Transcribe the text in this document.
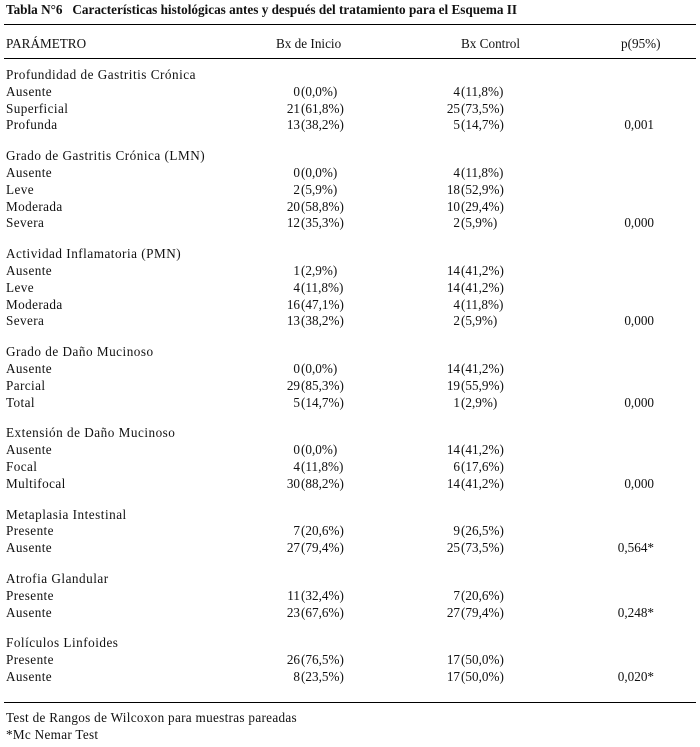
Tabla N°6   Características histológicas antes y después del tratamiento para el Esquema II
PARÁMETRO	Bx de Inicio	Bx Control	p(95%)
Profundidad de Gastritis Crónica
Ausente	0 (0,0%)	4 (11,8%)
Superficial	21 (61,8%)	25 (73,5%)
Profunda	13 (38,2%)	5 (14,7%)	0,001
Grado de Gastritis Crónica (LMN)
Ausente	0 (0,0%)	4 (11,8%)
Leve	2 (5,9%)	18 (52,9%)
Moderada	20 (58,8%)	10 (29,4%)
Severa	12 (35,3%)	2 (5,9%)	0,000
Actividad Inflamatoria (PMN)
Ausente	1 (2,9%)	14 (41,2%)
Leve	4 (11,8%)	14 (41,2%)
Moderada	16 (47,1%)	4 (11,8%)
Severa	13 (38,2%)	2 (5,9%)	0,000
Grado de Daño Mucinoso
Ausente	0 (0,0%)	14 (41,2%)
Parcial	29 (85,3%)	19 (55,9%)
Total	5 (14,7%)	1 (2,9%)	0,000
Extensión de Daño Mucinoso
Ausente	0 (0,0%)	14 (41,2%)
Focal	4 (11,8%)	6 (17,6%)
Multifocal	30 (88,2%)	14 (41,2%)	0,000
Metaplasia Intestinal
Presente	7 (20,6%)	9 (26,5%)
Ausente	27 (79,4%)	25 (73,5%)	0,564*
Atrofia Glandular
Presente	11 (32,4%)	7 (20,6%)
Ausente	23 (67,6%)	27 (79,4%)	0,248*
Folículos Linfoides
Presente	26 (76,5%)	17 (50,0%)
Ausente	8 (23,5%)	17 (50,0%)	0,020*
Test de Rangos de Wilcoxon para muestras pareadas
*Mc Nemar Test
